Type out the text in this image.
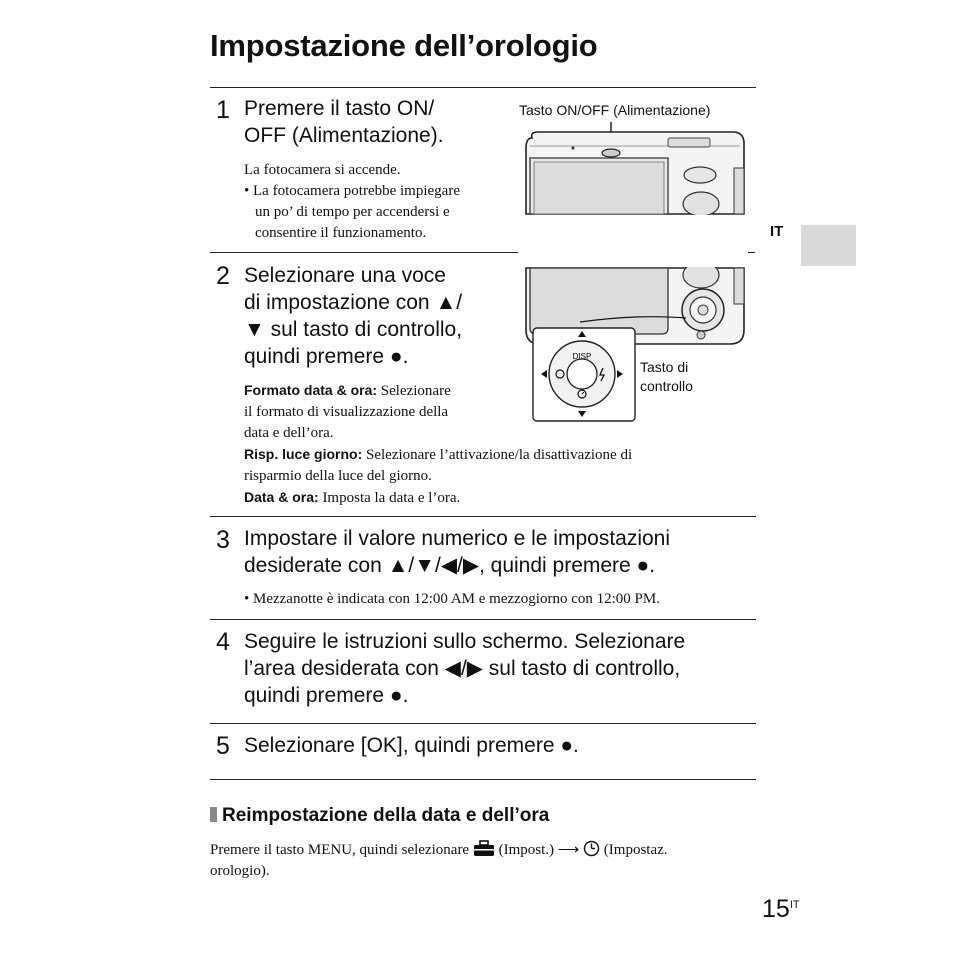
Impostazione dell’orologio
1 Premere il tasto ON/
OFF (Alimentazione).
La fotocamera si accende.
• La fotocamera potrebbe impiegare
un po’ di tempo per accendersi e
consentire il funzionamento.
Tasto ON/OFF (Alimentazione)
DISP
Tasto di
controllo
IT
2 Selezionare una voce
di impostazione con ▲/
▼ sul tasto di controllo,
quindi premere ●.
Formato data & ora: Selezionare
il formato di visualizzazione della
data e dell’ora.
Risp. luce giorno: Selezionare l’attivazione/la disattivazione di
risparmio della luce del giorno.
Data & ora: Imposta la data e l’ora.
3 Impostare il valore numerico e le impostazioni
desiderate con ▲/▼/◀/▶, quindi premere ●.
• Mezzanotte è indicata con 12:00 AM e mezzogiorno con 12:00 PM.
4 Seguire le istruzioni sullo schermo. Selezionare
l’area desiderata con ◀/▶ sul tasto di controllo,
quindi premere ●.
5 Selezionare [OK], quindi premere ●.
Reimpostazione della data e dell’ora
Premere il tasto MENU, quindi selezionare (Impost.) ⟶ (Impostaz.
orologio).
$15^{IT}$
